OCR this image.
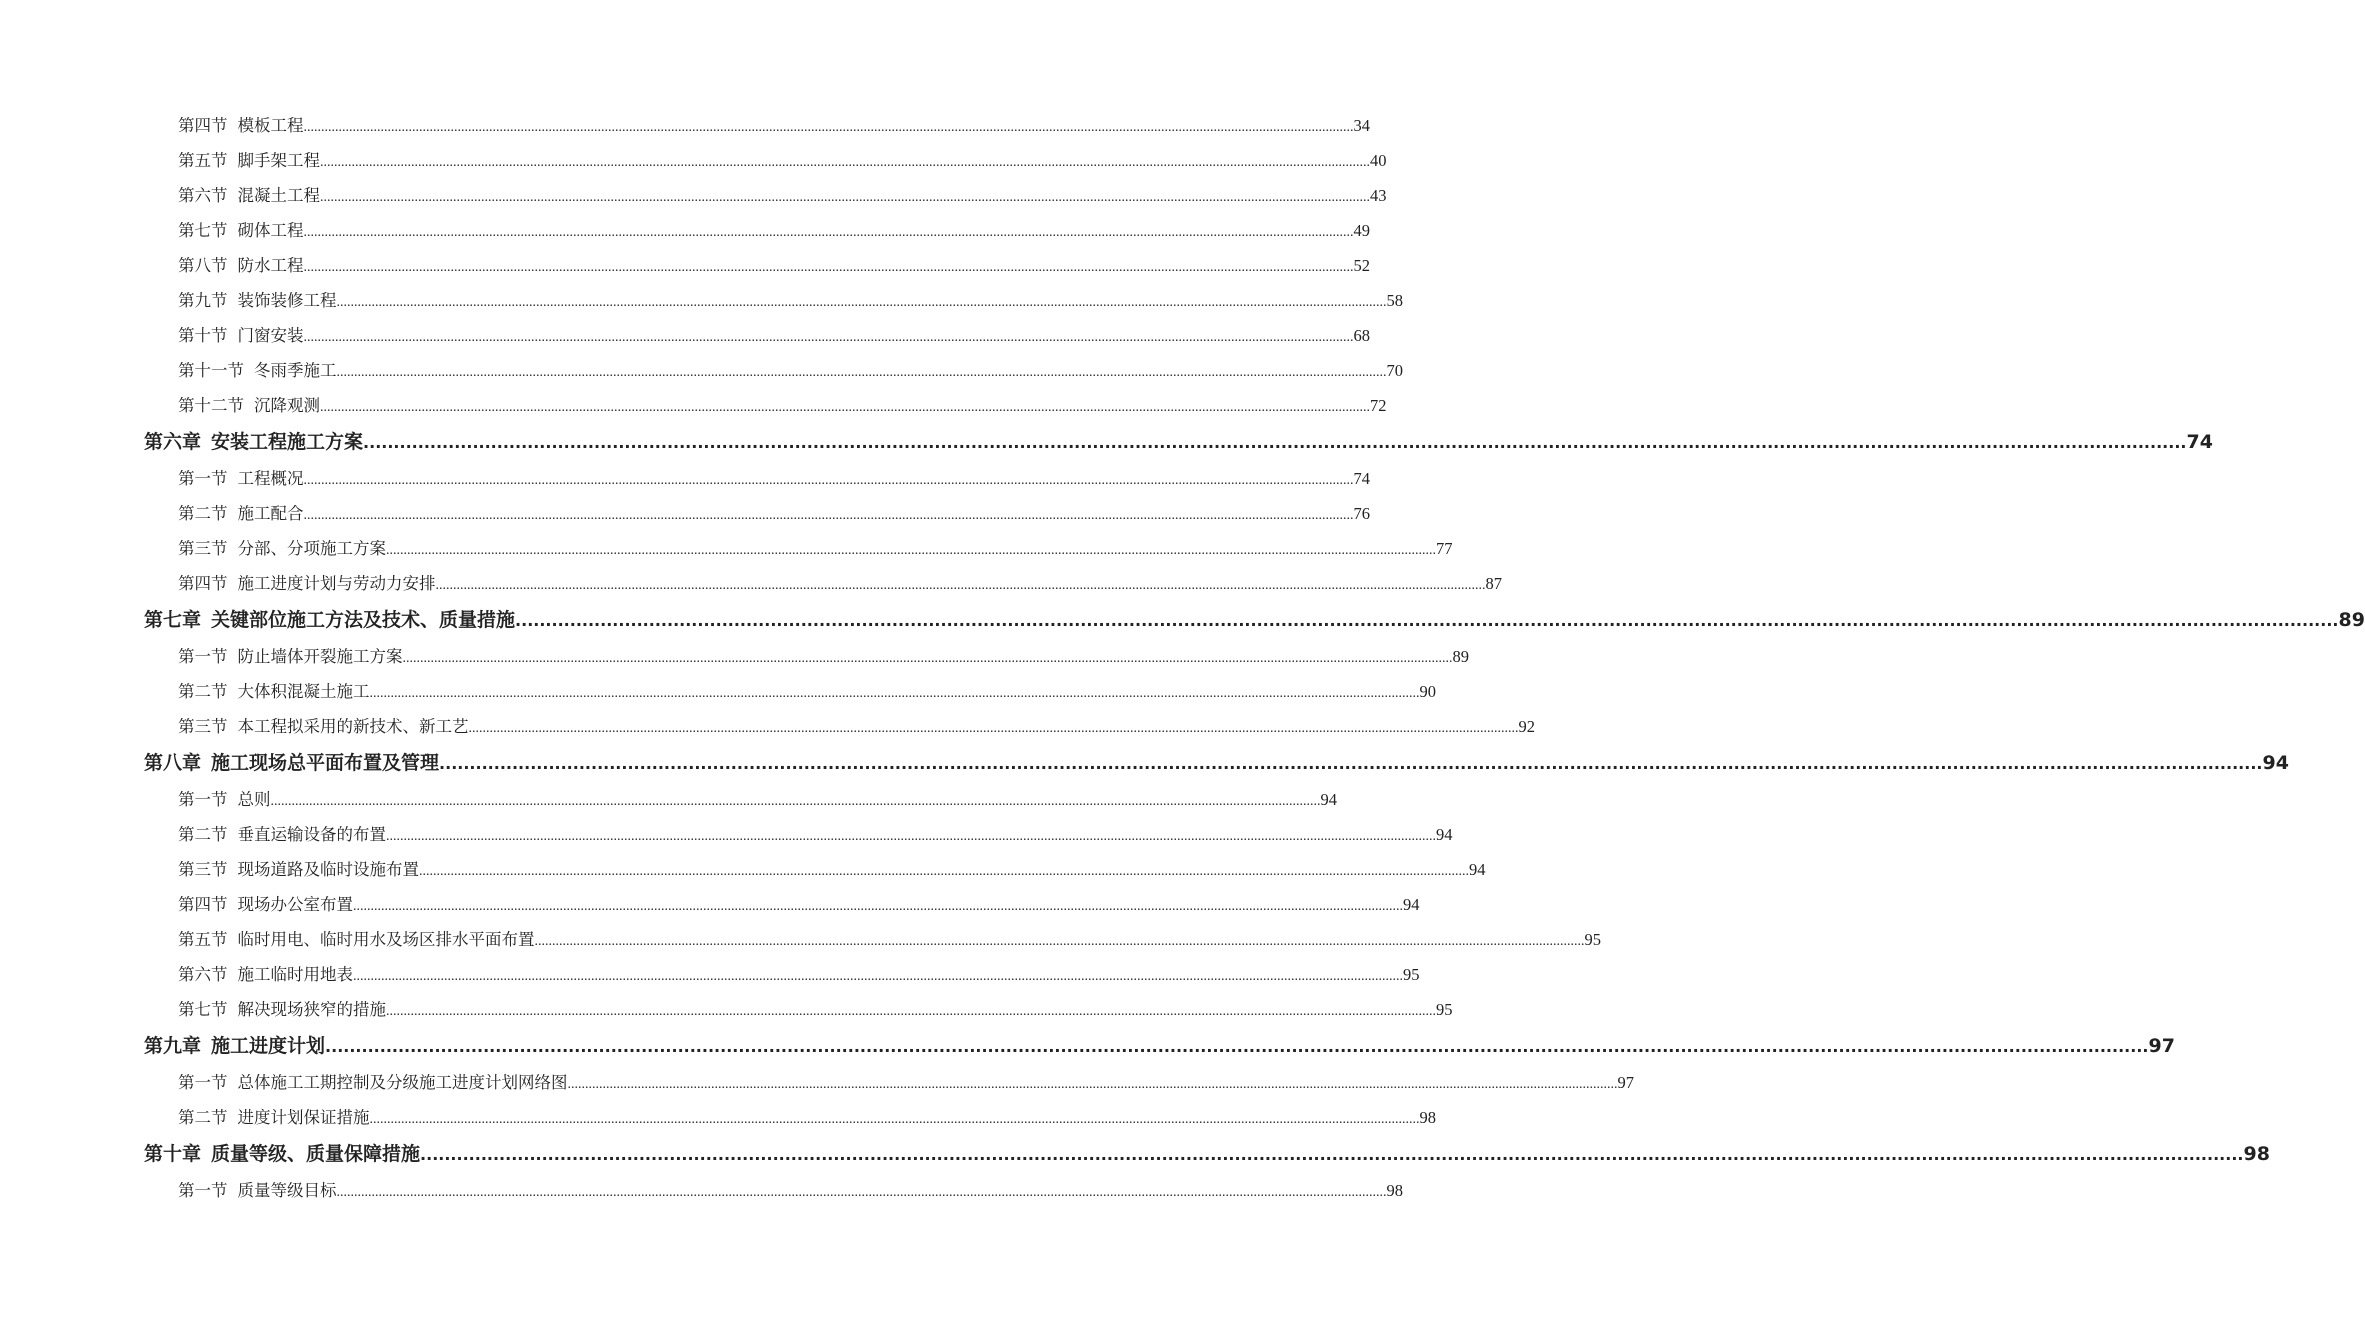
第四节 模板工程 ............................................................................................................................................................................................................................................................................................................ 34
第五节 脚手架工程 ............................................................................................................................................................................................................................................................................................................ 40
第六节 混凝土工程 ............................................................................................................................................................................................................................................................................................................ 43
第七节 砌体工程 ............................................................................................................................................................................................................................................................................................................ 49
第八节 防水工程 ............................................................................................................................................................................................................................................................................................................ 52
第九节 装饰装修工程 ............................................................................................................................................................................................................................................................................................................ 58
第十节 门窗安装 ............................................................................................................................................................................................................................................................................................................ 68
第十一节 冬雨季施工 ............................................................................................................................................................................................................................................................................................................ 70
第十二节 沉降观测 ............................................................................................................................................................................................................................................................................................................ 72
第六章 安装工程施工方案 ............................................................................................................................................................................................................................................................................................................ 74
第一节 工程概况 ............................................................................................................................................................................................................................................................................................................ 74
第二节 施工配合 ............................................................................................................................................................................................................................................................................................................ 76
第三节 分部、分项施工方案 ............................................................................................................................................................................................................................................................................................................ 77
第四节 施工进度计划与劳动力安排 ............................................................................................................................................................................................................................................................................................................ 87
第七章 关键部位施工方法及技术、质量措施 ............................................................................................................................................................................................................................................................................................................ 89
第一节 防止墙体开裂施工方案 ............................................................................................................................................................................................................................................................................................................ 89
第二节 大体积混凝土施工 ............................................................................................................................................................................................................................................................................................................ 90
第三节 本工程拟采用的新技术、新工艺 ............................................................................................................................................................................................................................................................................................................ 92
第八章 施工现场总平面布置及管理 ............................................................................................................................................................................................................................................................................................................ 94
第一节 总则 ............................................................................................................................................................................................................................................................................................................ 94
第二节 垂直运输设备的布置 ............................................................................................................................................................................................................................................................................................................ 94
第三节 现场道路及临时设施布置 ............................................................................................................................................................................................................................................................................................................ 94
第四节 现场办公室布置 ............................................................................................................................................................................................................................................................................................................ 94
第五节 临时用电、临时用水及场区排水平面布置 ............................................................................................................................................................................................................................................................................................................ 95
第六节 施工临时用地表 ............................................................................................................................................................................................................................................................................................................ 95
第七节 解决现场狭窄的措施 ............................................................................................................................................................................................................................................................................................................ 95
第九章 施工进度计划 ............................................................................................................................................................................................................................................................................................................ 97
第一节 总体施工工期控制及分级施工进度计划网络图 ............................................................................................................................................................................................................................................................................................................ 97
第二节 进度计划保证措施 ............................................................................................................................................................................................................................................................................................................ 98
第十章 质量等级、质量保障措施 ............................................................................................................................................................................................................................................................................................................ 98
第一节 质量等级目标 ............................................................................................................................................................................................................................................................................................................ 98
